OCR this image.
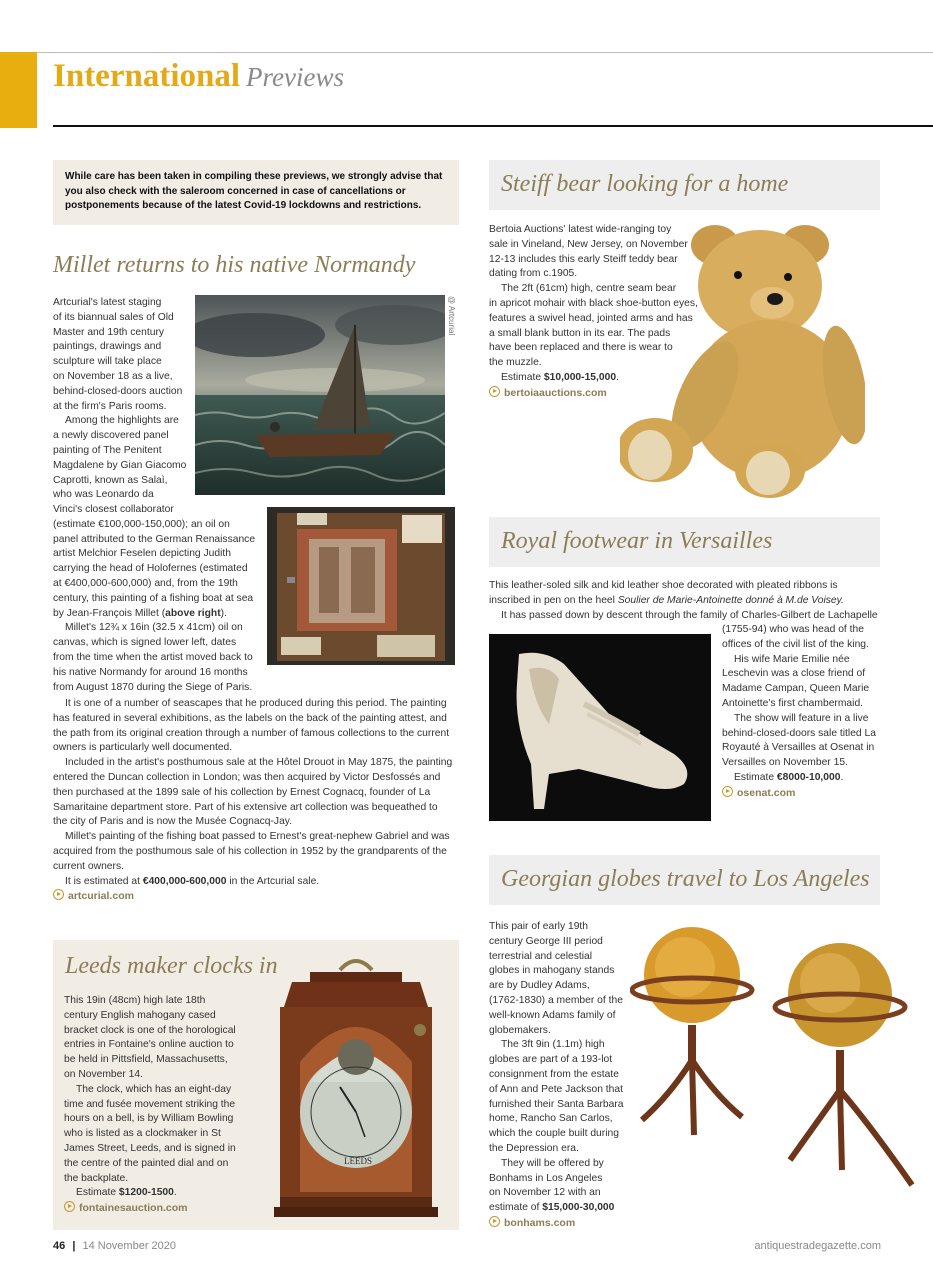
International Previews
While care has been taken in compiling these previews, we strongly advise that you also check with the saleroom concerned in case of cancellations or postponements because of the latest Covid-19 lockdowns and restrictions.
Millet returns to his native Normandy
@ Artcurial

Artcurial's latest staging

of its biannual sales of Old

Master and 19th century

paintings, drawings and

sculpture will take place

on November 18 as a live,

behind-closed-doors auction

at the firm's Paris rooms.

Among the highlights are

a newly discovered panel

painting of The Penitent

Magdalene by Gian Giacomo

Caprotti, known as Salaì,

who was Leonardo da

Vinci's closest collaborator

(estimate €100,000-150,000); an oil on

panel attributed to the German Renaissance

artist Melchior Feselen depicting Judith

carrying the head of Holofernes (estimated

at €400,000-600,000) and, from the 19th

century, this painting of a fishing boat at sea

by Jean-François Millet (above right).

Millet's 12¾ x 16in (32.5 x 41cm) oil on

canvas, which is signed lower left, dates

from the time when the artist moved back to

his native Normandy for around 16 months

from August 1870 during the Siege of Paris.

It is one of a number of seascapes that he produced during this period. The painting has featured in several exhibitions, as the labels on the back of the painting attest, and the path from its original creation through a number of famous collections to the current owners is particularly well documented.

Included in the artist's posthumous sale at the Hôtel Drouot in May 1875, the painting entered the Duncan collection in London; was then acquired by Victor Desfossés and then purchased at the 1899 sale of his collection by Ernest Cognacq, founder of La Samaritaine department store. Part of his extensive art collection was bequeathed to the city of Paris and is now the Musée Cognacq-Jay.

Millet's painting of the fishing boat passed to Ernest's great-nephew Gabriel and was acquired from the posthumous sale of his collection in 1952 by the grandparents of the current owners.

It is estimated at €400,000-600,000 in the Artcurial sale.

artcurial.com

Steiff bear looking for a home

Bertoia Auctions' latest wide-ranging toy

sale in Vineland, New Jersey, on November

12-13 includes this early Steiff teddy bear

dating from c.1905.

The 2ft (61cm) high, centre seam bear

in apricot mohair with black shoe-button eyes,

features a swivel head, jointed arms and has

a small blank button in its ear. The pads

have been replaced and there is wear to

the muzzle.

Estimate $10,000-15,000.

bertoiaauctions.com

Royal footwear in Versailles

This leather-soled silk and kid leather shoe decorated with pleated ribbons is inscribed in pen on the heel Soulier de Marie-Antoinette donné à M.de Voisey.

It has passed down by descent through the family of Charles-Gilbert de Lachapelle

(1755-94) who was head of the

offices of the civil list of the king.

His wife Marie Emilie née

Leschevin was a close friend of

Madame Campan, Queen Marie

Antoinette's first chambermaid.

The show will feature in a live

behind-closed-doors sale titled La

Royauté à Versailles at Osenat in

Versailles on November 15.

Estimate €8000-10,000.

osenat.com

Georgian globes travel to Los Angeles

This pair of early 19th

century George III period

terrestrial and celestial

globes in mahogany stands

are by Dudley Adams,

(1762-1830) a member of the

well-known Adams family of

globemakers.

The 3ft 9in (1.1m) high

globes are part of a 193-lot

consignment from the estate

of Ann and Pete Jackson that

furnished their Santa Barbara

home, Rancho San Carlos,

which the couple built during

the Depression era.

They will be offered by

Bonhams in Los Angeles

on November 12 with an

estimate of $15,000-30,000

bonhams.com

Leeds maker clocks in

This 19in (48cm) high late 18th

century English mahogany cased

bracket clock is one of the horological

entries in Fontaine's online auction to

be held in Pittsfield, Massachusetts,

on November 14.

The clock, which has an eight-day

time and fusée movement striking the

hours on a bell, is by William Bowling

who is listed as a clockmaker in St

James Street, Leeds, and is signed in

the centre of the painted dial and on

the backplate.

Estimate $1200-1500.

fontainesauction.com

LEEDS
46 | 14 November 2020	antiquestradegazette.com
